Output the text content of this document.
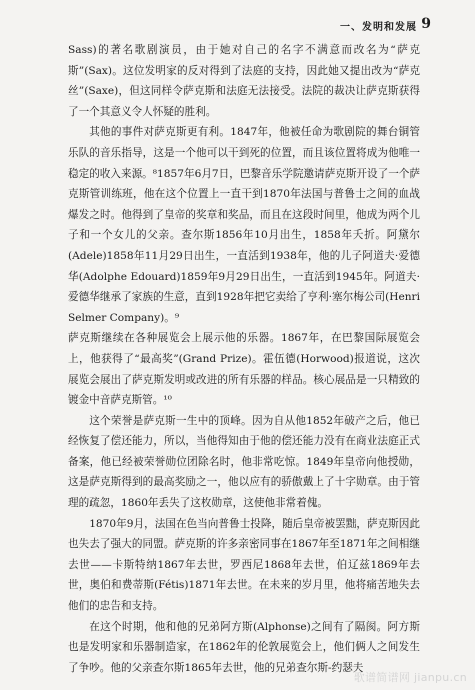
一、发明和发展 9

Sass)的著名歌剧演员，由于她对自己的名字不满意而改名为“萨克斯”(Sax)。这位发明家的反对得到了法庭的支持，因此她又提出改为“萨克丝”(Saxe)，但这同样令萨克斯和法庭无法接受。法院的裁决让萨克斯获得了一个其意义令人怀疑的胜利。

其他的事件对萨克斯更有利。1847年，他被任命为歌剧院的舞台铜管乐队的音乐指导，这是一个他可以干到死的位置，而且该位置将成为他唯一稳定的收入来源。⁸1857年6月7日，巴黎音乐学院邀请萨克斯开设了一个萨克斯管训练班，他在这个位置上一直干到1870年法国与普鲁士之间的血战爆发之时。他得到了皇帝的奖章和奖品，而且在这段时间里，他成为两个儿子和一个女儿的父亲。查尔斯1856年10月出生，1858年夭折。阿黛尔(Adele)1858年11月29日出生，一直活到1938年，他的儿子阿道夫·爱德华(Adolphe Edouard)1859年9月29日出生，一直活到1945年。阿道夫·爱德华继承了家族的生意，直到1928年把它卖给了亨利·塞尔梅公司(Henri Selmer Company)。⁹

萨克斯继续在各种展览会上展示他的乐器。1867年，在巴黎国际展览会上，他获得了“最高奖”(Grand Prize)。霍伍德(Horwood)报道说，这次展览会展出了萨克斯发明或改进的所有乐器的样品。核心展品是一只精致的镀金中音萨克斯管。¹⁰

这个荣誉是萨克斯一生中的顶峰。因为自从他1852年破产之后，他已经恢复了偿还能力，所以，当他得知由于他的偿还能力没有在商业法庭正式备案，他已经被荣誉勋位团除名时，他非常吃惊。1849年皇帝向他授勋，这是萨克斯得到的最高奖励之一，他以应有的骄傲戴上了十字勋章。由于管理的疏忽，1860年丢失了这枚勋章，这使他非常着傀。

1870年9月，法国在色当向普鲁士投降，随后皇帝被罢黜，萨克斯因此也失去了强大的同盟。萨克斯的许多亲密同事在1867年至1871年之间相继去世——卡斯特纳1867年去世，罗西尼1868年去世，伯辽兹1869年去世，奥伯和费蒂斯(Fétis)1871年去世。在未来的岁月里，他将痛苦地失去他们的忠告和支持。

在这个时期，他和他的兄弟阿方斯(Alphonse)之间有了隔阂。阿方斯也是发明家和乐器制造家，在1862年的伦敦展览会上，他们俩人之间发生了争吵。他的父亲查尔斯1865年去世，他的兄弟查尔斯-约瑟夫

歌谱简谱网 jianpu.cn
